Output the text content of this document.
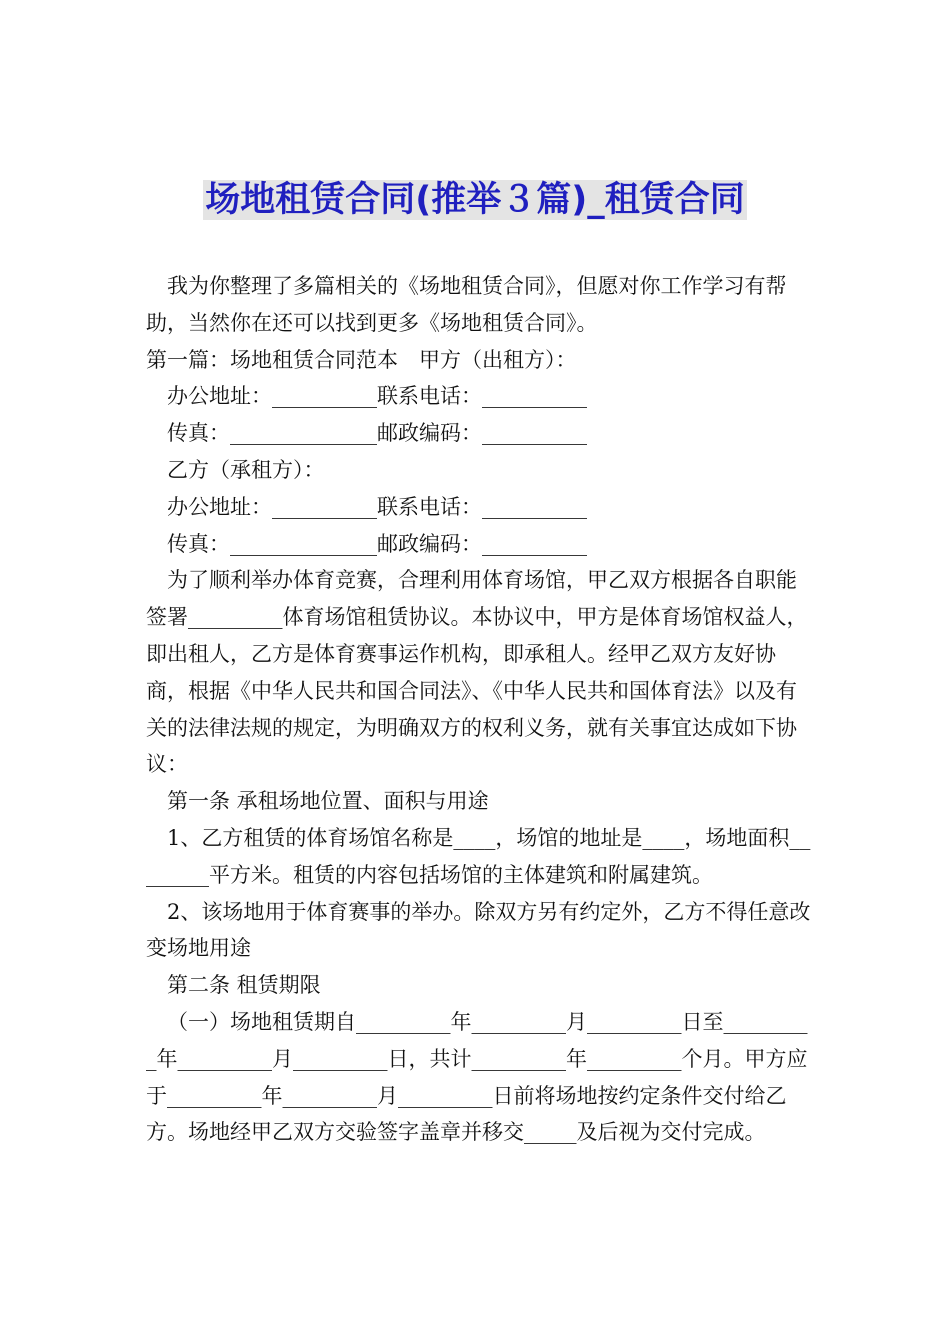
场地租赁合同(推举３篇)_租赁合同

我为你整理了多篇相关的《场地租赁合同》，但愿对你工作学习有帮助，当然你在还可以找到更多《场地租赁合同》。

第一篇：场地租赁合同范本　甲方（出租方）：

办公地址：__________联系电话：__________

传真：______________邮政编码：__________

乙方（承租方）：

办公地址：__________联系电话：__________

传真：______________邮政编码：__________

为了顺利举办体育竞赛，合理利用体育场馆，甲乙双方根据各自职能签署_________体育场馆租赁协议。本协议中，甲方是体育场馆权益人，即出租人，乙方是体育赛事运作机构，即承租人。经甲乙双方友好协商，根据《中华人民共和国合同法》、《中华人民共和国体育法》以及有关的法律法规的规定，为明确双方的权利义务，就有关事宜达成如下协议：

第一条 承租场地位置、面积与用途

1、乙方租赁的体育场馆名称是____，场馆的地址是____，场地面积________平方米。租赁的内容包括场馆的主体建筑和附属建筑。

2、该场地用于体育赛事的举办。除双方另有约定外，乙方不得任意改变场地用途

第二条 租赁期限

（一）场地租赁期自_________年_________月_________日至_________年_________月_________日，共计_________年_________个月。甲方应于_________年_________月_________日前将场地按约定条件交付给乙方。场地经甲乙双方交验签字盖章并移交_____及后视为交付完成。
